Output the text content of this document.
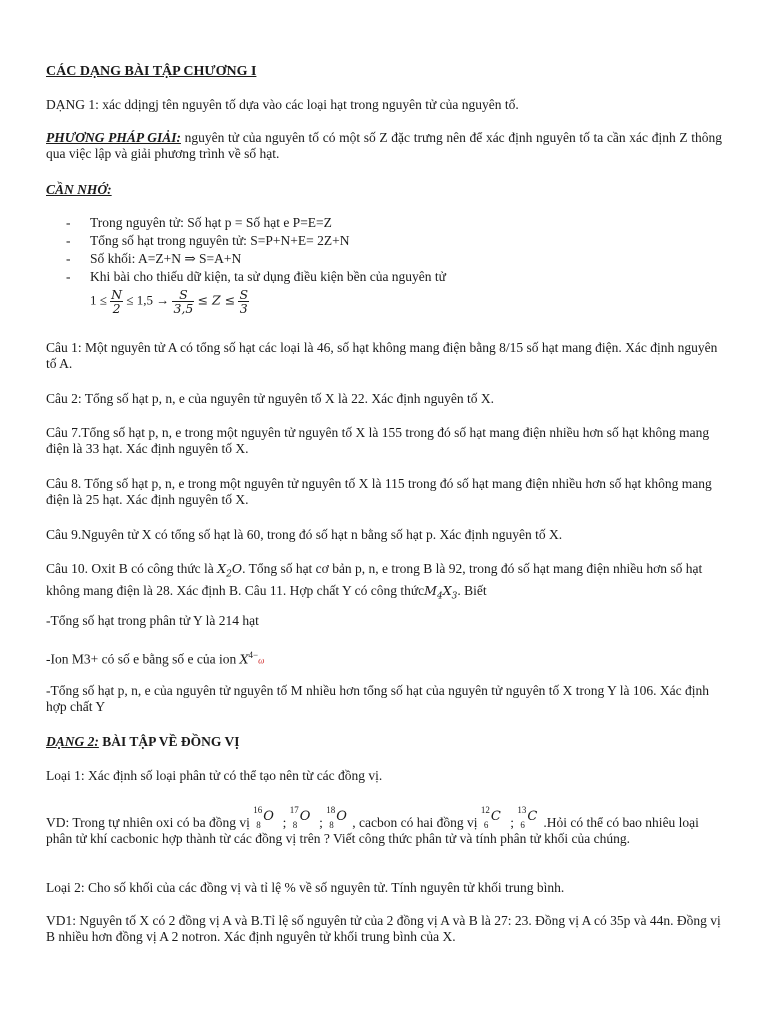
CÁC DẠNG BÀI TẬP CHƯƠNG I

DẠNG 1: xác ddịngj tên nguyên tố dựa vào các loại hạt trong nguyên tử của nguyên tố.

PHƯƠNG PHÁP GIẢI: nguyên tử của nguyên tố có một số Z đặc trưng nên để xác định nguyên tố ta cần xác định Z thông qua việc lập và giải phương trình về số hạt.

CẦN NHỚ:

- Trong nguyên tử: Số hạt p = Số hạt e P=E=Z
- Tổng số hạt trong nguyên tử: S=P+N+E= 2Z+N
- Số khối: A=Z+N ⇒ S=A+N
- Khi bài cho thiếu dữ kiện, ta sử dụng điều kiện bền của nguyên tử
$1 \le \frac{N}{2} \le 1,5 \to \frac{S}{3,5} \le Z \le \frac{S}{3}$

Câu 1: Một nguyên tử A có tổng số hạt các loại là 46, số hạt không mang điện bằng 8/15 số hạt mang điện. Xác định nguyên tố A.

Câu 2: Tổng số hạt p, n, e của nguyên tử nguyên tố X là 22. Xác định nguyên tố X.

Câu 7.Tổng số hạt p, n, e trong một nguyên tử nguyên tố X là 155 trong đó số hạt mang điện nhiều hơn số hạt không mang điện là 33 hạt. Xác định nguyên tố X.

Câu 8. Tổng số hạt p, n, e trong một nguyên tử nguyên tố X là 115 trong đó số hạt mang điện nhiều hơn số hạt không mang điện là 25 hạt. Xác định nguyên tố X.

Câu 9.Nguyên tử X có tổng số hạt là 60, trong đó số hạt n bằng số hạt p. Xác định nguyên tố X.

Câu 10. Oxit B có công thức là $X_2O$. Tổng số hạt cơ bản p, n, e trong B là 92, trong đó số hạt mang điện nhiều hơn số hạt không mang điện là 28. Xác định B. Câu 11. Hợp chất Y có công $thứcM_4X_3$. Biết

-Tổng số hạt trong phân tử Y là 214 hạt

-Ion M3+ có số e bằng số e của ion $X^{4-}\omega$

-Tổng số hạt p, n, e của nguyên tử nguyên tố M nhiều hơn tổng số hạt của nguyên tử nguyên tố X trong Y là 106. Xác định hợp chất Y

DẠNG 2: BÀI TẬP VỀ ĐỒNG VỊ

Loại 1: Xác định số loại phân tử có thể tạo nên từ các đồng vị.

VD: Trong tự nhiên oxi có ba đồng vị
16
8
O ;
17
8
O ;
18
8
O , cacbon có hai đồng vị
12
6
C ;
13
6
C .Hỏi có thể có bao nhiêu loại phân tử khí cacbonic hợp thành từ các đồng vị trên ? Viết công thức phân tử và tính phân tử khối của chúng.

Loại 2: Cho số khối của các đồng vị và tỉ lệ % về số nguyên tử. Tính nguyên tử khối trung bình.

VD1: Nguyên tố X có 2 đồng vị A và B.Tỉ lệ số nguyên tử của 2 đồng vị A và B là 27: 23. Đồng vị A có 35p và 44n. Đồng vị B nhiều hơn đồng vị A 2 notron. Xác định nguyên tử khối trung bình của X.
